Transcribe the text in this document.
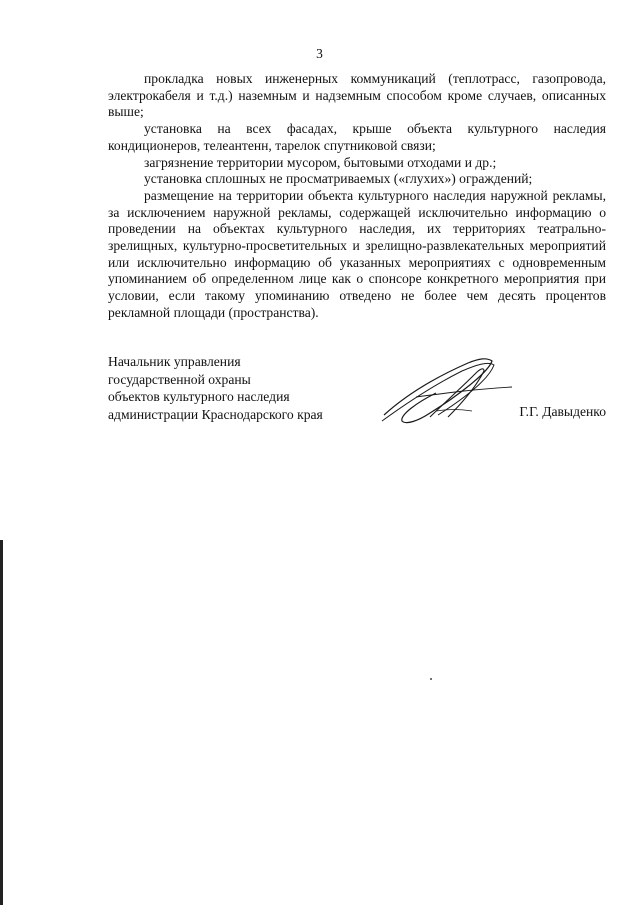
3

прокладка новых инженерных коммуникаций (теплотрасс, газопровода, электрокабеля и т.д.) наземным и надземным способом кроме случаев, описанных выше;

установка на всех фасадах, крыше объекта культурного наследия кондиционеров, телеантенн, тарелок спутниковой связи;

загрязнение территории мусором, бытовыми отходами и др.;

установка сплошных не просматриваемых («глухих») ограждений;

размещение на территории объекта культурного наследия наружной рекламы, за исключением наружной рекламы, содержащей исключительно информацию о проведении на объектах культурного наследия, их территориях театрально-зрелищных, культурно-просветительных и зрелищно-развлекательных мероприятий или исключительно информацию об указанных мероприятиях с одновременным упоминанием об определенном лице как о спонсоре конкретного мероприятия при условии, если такому упоминанию отведено не более чем десять процентов рекламной площади (пространства).

Начальник управления
государственной охраны
объектов культурного наследия
администрации Краснодарского края	Г.Г. Давыденко
